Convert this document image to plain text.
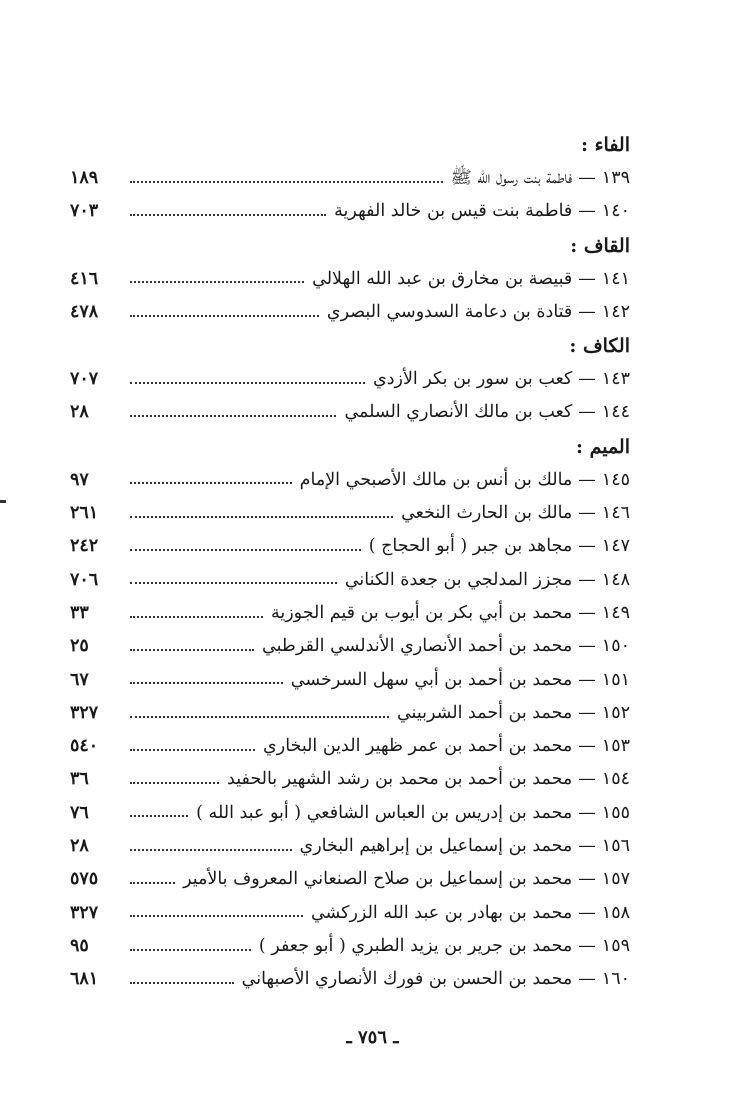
الفاء :
١٣٩
—
فاطمة بنت رسول الله ﷺ
١٨٩
١٤٠
—
فاطمة بنت قيس بن خالد الفهرية
٧٠٣
القاف :
١٤١
—
قبيصة بن مخارق بن عبد الله الهلالي
٤١٦
١٤٢
—
قتادة بن دعامة السدوسي البصري
٤٧٨
الكاف :
١٤٣
—
كعب بن سور بن بكر الأزدي
٧٠٧
١٤٤
—
كعب بن مالك الأنصاري السلمي
٢٨
الميم :
١٤٥
—
مالك بن أنس بن مالك الأصبحي الإمام
٩٧
١٤٦
—
مالك بن الحارث النخعي
٢٦١
١٤٧
—
مجاهد بن جبر ( أبو الحجاج )
٢٤٢
١٤٨
—
مجزز المدلجي بن جعدة الكناني
٧٠٦
١٤٩
—
محمد بن أبي بكر بن أيوب بن قيم الجوزية
٣٣
١٥٠
—
محمد بن أحمد الأنصاري الأندلسي القرطبي
٢٥
١٥١
—
محمد بن أحمد بن أبي سهل السرخسي
٦٧
١٥٢
—
محمد بن أحمد الشربيني
٣٢٧
١٥٣
—
محمد بن أحمد بن عمر ظهير الدين البخاري
٥٤٠
١٥٤
—
محمد بن أحمد بن محمد بن رشد الشهير بالحفيد
٣٦
١٥٥
—
محمد بن إدريس بن العباس الشافعي ( أبو عبد الله )
٧٦
١٥٦
—
محمد بن إسماعيل بن إبراهيم البخاري
٢٨
١٥٧
—
محمد بن إسماعيل بن صلاح الصنعاني المعروف بالأمير
٥٧٥
١٥٨
—
محمد بن بهادر بن عبد الله الزركشي
٣٢٧
١٥٩
—
محمد بن جرير بن يزيد الطبري ( أبو جعفر )
٩٥
١٦٠
—
محمد بن الحسن بن فورك الأنصاري الأصبهاني
٦٨١
ـ ٧٥٦ ـ
